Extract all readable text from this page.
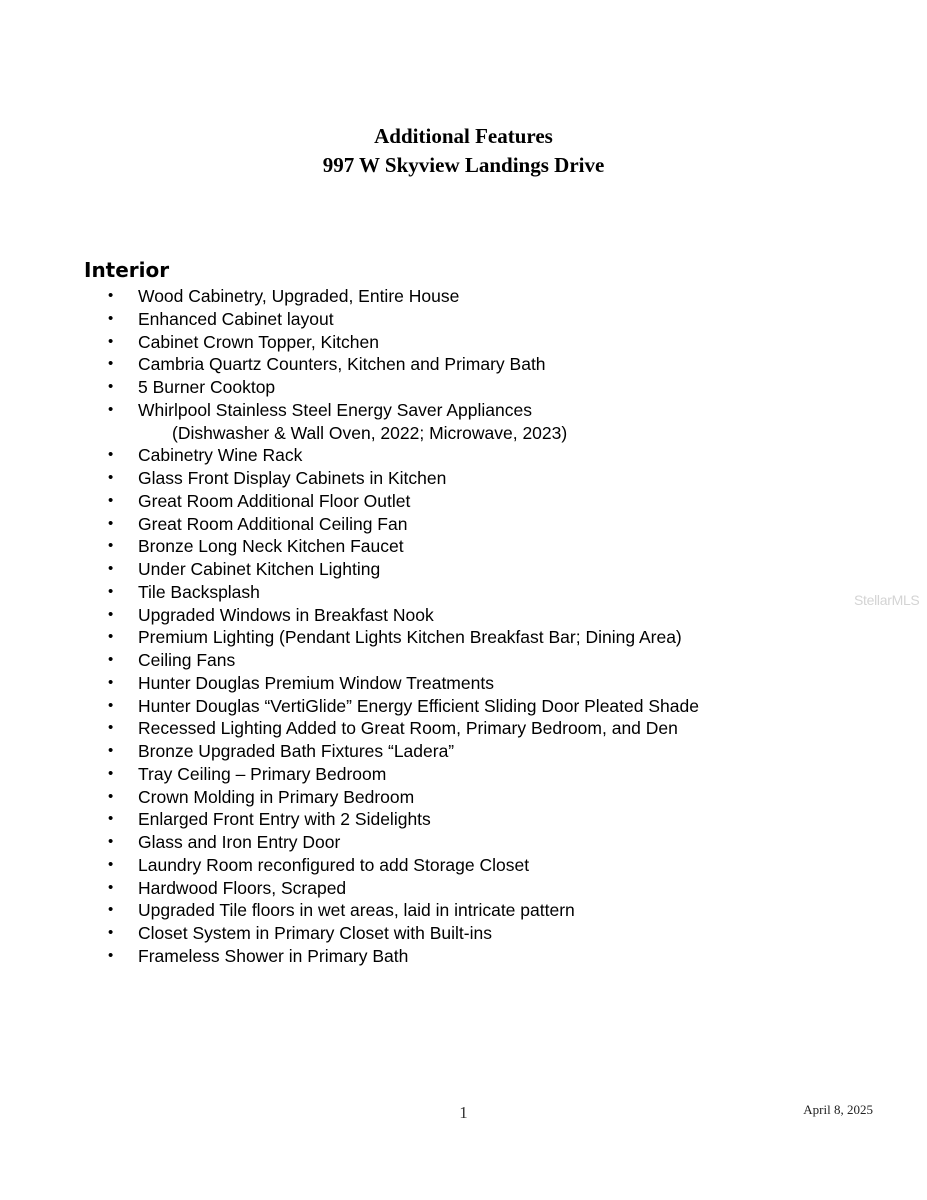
Additional Features
997 W Skyview Landings Drive
Interior
• Wood Cabinetry, Upgraded, Entire House
• Enhanced Cabinet layout
• Cabinet Crown Topper, Kitchen
• Cambria Quartz Counters, Kitchen and Primary Bath
• 5 Burner Cooktop
• Whirlpool Stainless Steel Energy Saver Appliances
(Dishwasher & Wall Oven, 2022; Microwave, 2023)
• Cabinetry Wine Rack
• Glass Front Display Cabinets in Kitchen
• Great Room Additional Floor Outlet
• Great Room Additional Ceiling Fan
• Bronze Long Neck Kitchen Faucet
• Under Cabinet Kitchen Lighting
• Tile Backsplash
• Upgraded Windows in Breakfast Nook
• Premium Lighting (Pendant Lights Kitchen Breakfast Bar; Dining Area)
• Ceiling Fans
• Hunter Douglas Premium Window Treatments
• Hunter Douglas “VertiGlide” Energy Efficient Sliding Door Pleated Shade
• Recessed Lighting Added to Great Room, Primary Bedroom, and Den
• Bronze Upgraded Bath Fixtures “Ladera”
• Tray Ceiling – Primary Bedroom
• Crown Molding in Primary Bedroom
• Enlarged Front Entry with 2 Sidelights
• Glass and Iron Entry Door
• Laundry Room reconfigured to add Storage Closet
• Hardwood Floors, Scraped
• Upgraded Tile floors in wet areas, laid in intricate pattern
• Closet System in Primary Closet with Built-ins
• Frameless Shower in Primary Bath
StellarMLS
1	April 8, 2025
